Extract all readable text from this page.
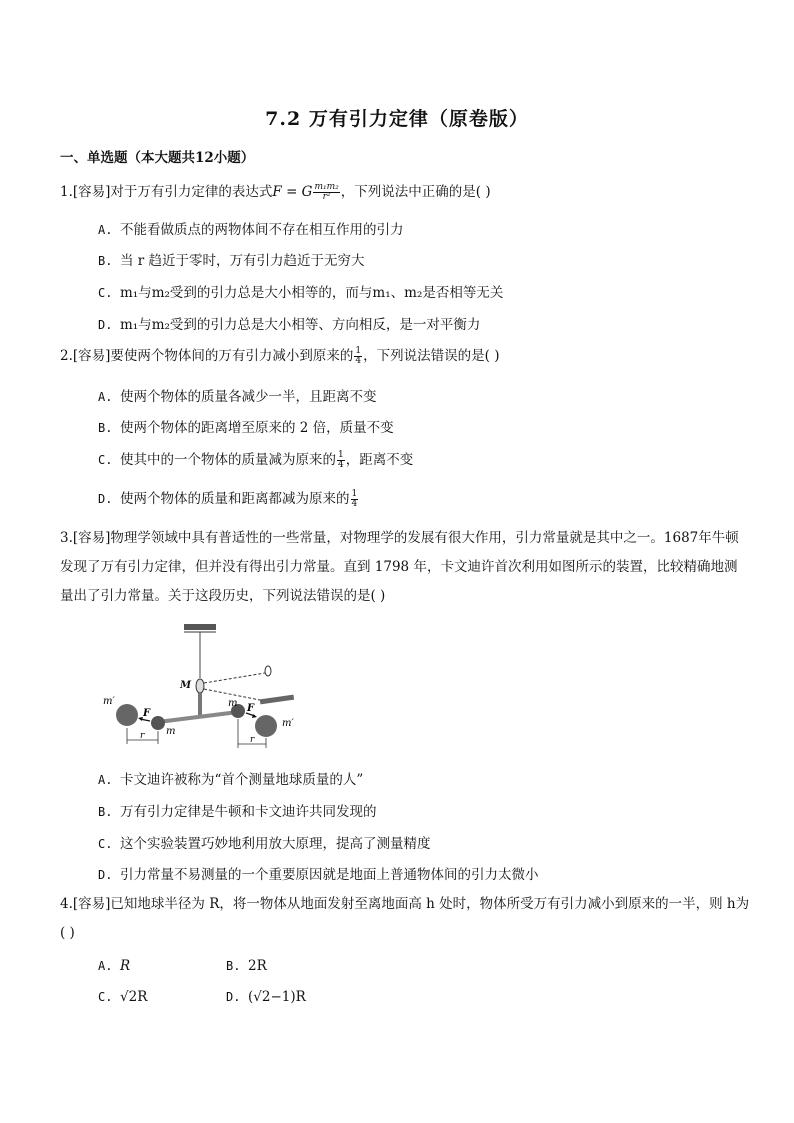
7.2 万有引力定律（原卷版）
一、单选题（本大题共12小题）
1.[容易]对于万有引力定律的表达式F = G $\frac{\text{m₁m₂}}{\text{r²}}$ ，下列说法中正确的是( )
A. 不能看做质点的两物体间不存在相互作用的引力
B. 当 r 趋近于零时，万有引力趋近于无穷大
C. m₁与m₂受到的引力总是大小相等的，而与m₁、m₂是否相等无关
D. m₁与m₂受到的引力总是大小相等、方向相反，是一对平衡力
2.[容易]要使两个物体间的万有引力减小到原来的 $\frac{1}{4}$ ，下列说法错误的是( )
A. 使两个物体的质量各减少一半，且距离不变
B. 使两个物体的距离增至原来的 2 倍，质量不变
C. 使其中的一个物体的质量减为原来的 $\frac{1}{4}$ ，距离不变
D. 使两个物体的质量和距离都减为原来的 $\frac{1}{4}$
3.[容易]物理学领域中具有普适性的一些常量，对物理学的发展有很大作用，引力常量就是其中之一。1687年牛顿发现了万有引力定律，但并没有得出引力常量。直到 1798 年，卡文迪许首次利用如图所示的装置，比较精确地测量出了引力常量。关于这段历史，下列说法错误的是( )
M
m′
m′
F	F
m
m
r	r
A. 卡文迪许被称为“首个测量地球质量的人”
B. 万有引力定律是牛顿和卡文迪许共同发现的
C. 这个实验装置巧妙地利用放大原理，提高了测量精度
D. 引力常量不易测量的一个重要原因就是地面上普通物体间的引力太微小
4.[容易]已知地球半径为 R，将一物体从地面发射至离地面高 h 处时，物体所受万有引力减小到原来的一半，则 h为( )
A. R	B. 2R
C. √2R	D. (√2−1)R
